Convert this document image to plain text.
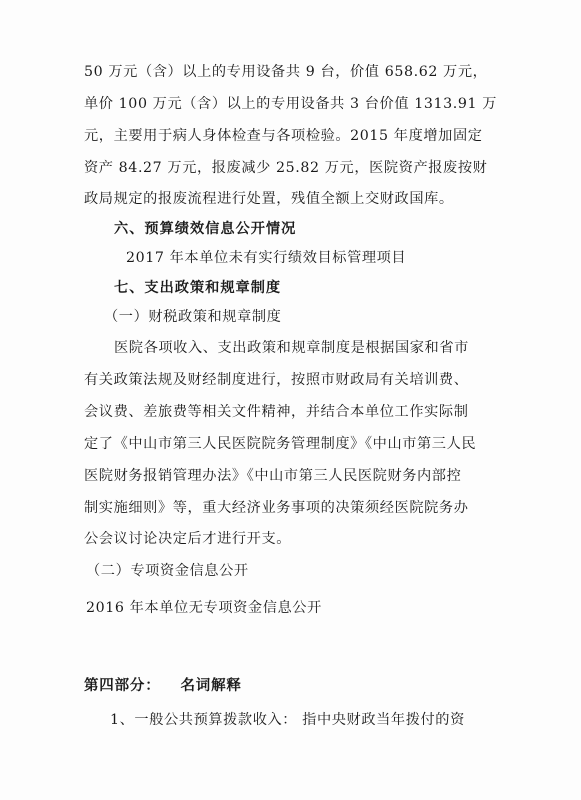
50 万元（含）以上的专用设备共 9 台，价值 658.62 万元，
单价 100 万元（含）以上的专用设备共 3 台价值 1313.91 万
元，主要用于病人身体检查与各项检验。2015 年度增加固定
资产 84.27 万元，报废减少 25.82 万元，医院资产报废按财
政局规定的报废流程进行处置，残值全额上交财政国库。
六、预算绩效信息公开情况
2017 年本单位未有实行绩效目标管理项目
七、支出政策和规章制度
（一）财税政策和规章制度
医院各项收入、支出政策和规章制度是根据国家和省市
有关政策法规及财经制度进行，按照市财政局有关培训费、
会议费、差旅费等相关文件精神，并结合本单位工作实际制
定了《中山市第三人民医院院务管理制度》《中山市第三人民
医院财务报销管理办法》《中山市第三人民医院财务内部控
制实施细则》等，重大经济业务事项的决策须经医院院务办
公会议讨论决定后才进行开支。
（二）专项资金信息公开
2016 年本单位无专项资金信息公开
第四部分： 名词解释
1、一般公共预算拨款收入： 指中央财政当年拨付的资
